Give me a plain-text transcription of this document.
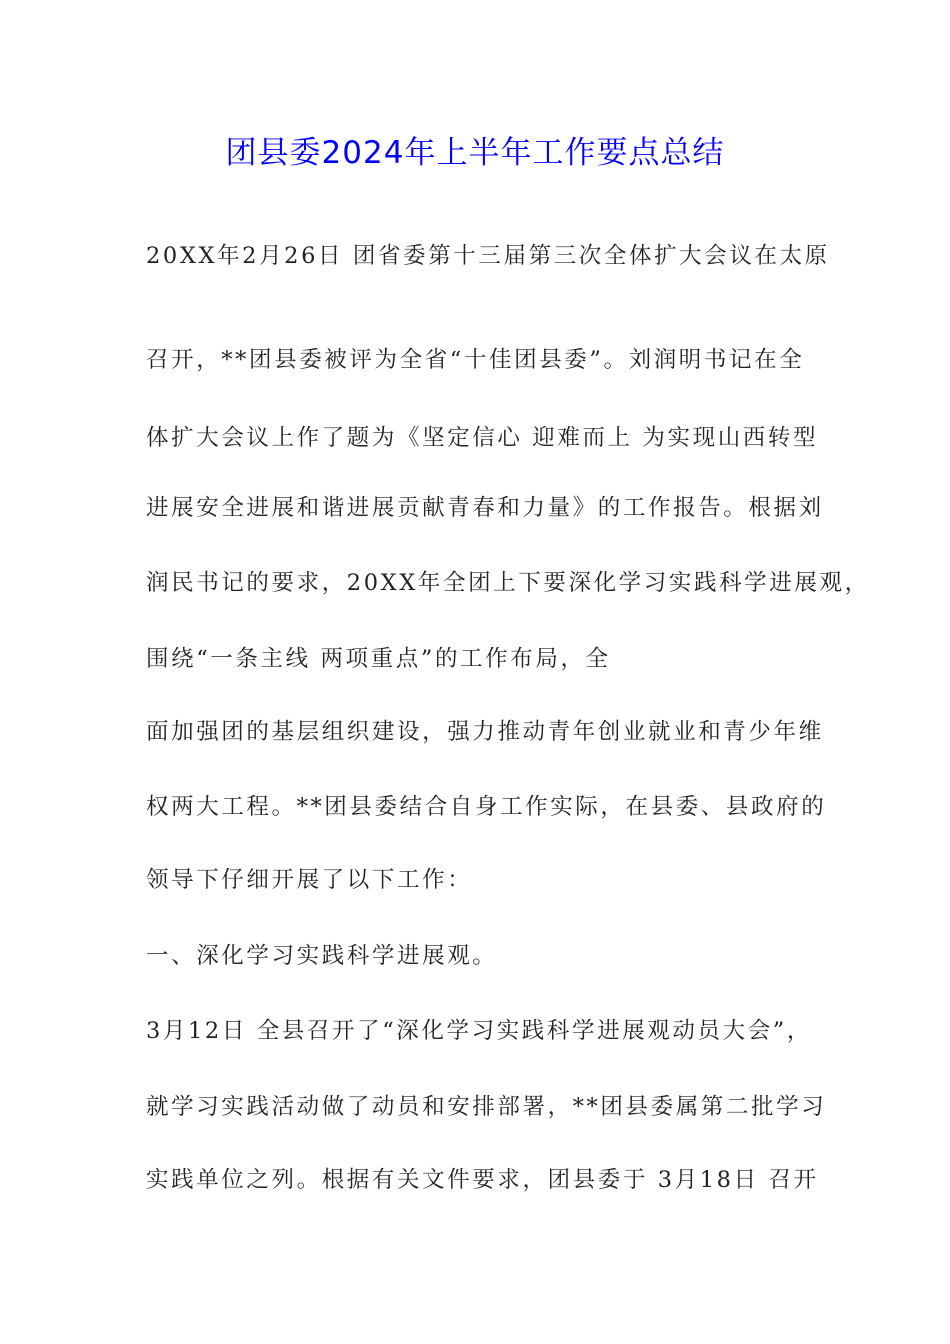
团县委2024年上半年工作要点总结
20XX年2月26日 团省委第十三届第三次全体扩大会议在太原
召开，**团县委被评为全省“十佳团县委”。刘润明书记在全
体扩大会议上作了题为《坚定信心 迎难而上 为实现山西转型
进展安全进展和谐进展贡献青春和力量》的工作报告。根据刘
润民书记的要求，20XX年全团上下要深化学习实践科学进展观，
围绕“一条主线 两项重点”的工作布局，全
面加强团的基层组织建设，强力推动青年创业就业和青少年维
权两大工程。**团县委结合自身工作实际，在县委、县政府的
领导下仔细开展了以下工作：
一、深化学习实践科学进展观。
3月12日 全县召开了“深化学习实践科学进展观动员大会”，
就学习实践活动做了动员和安排部署，**团县委属第二批学习
实践单位之列。根据有关文件要求，团县委于 3月18日 召开
